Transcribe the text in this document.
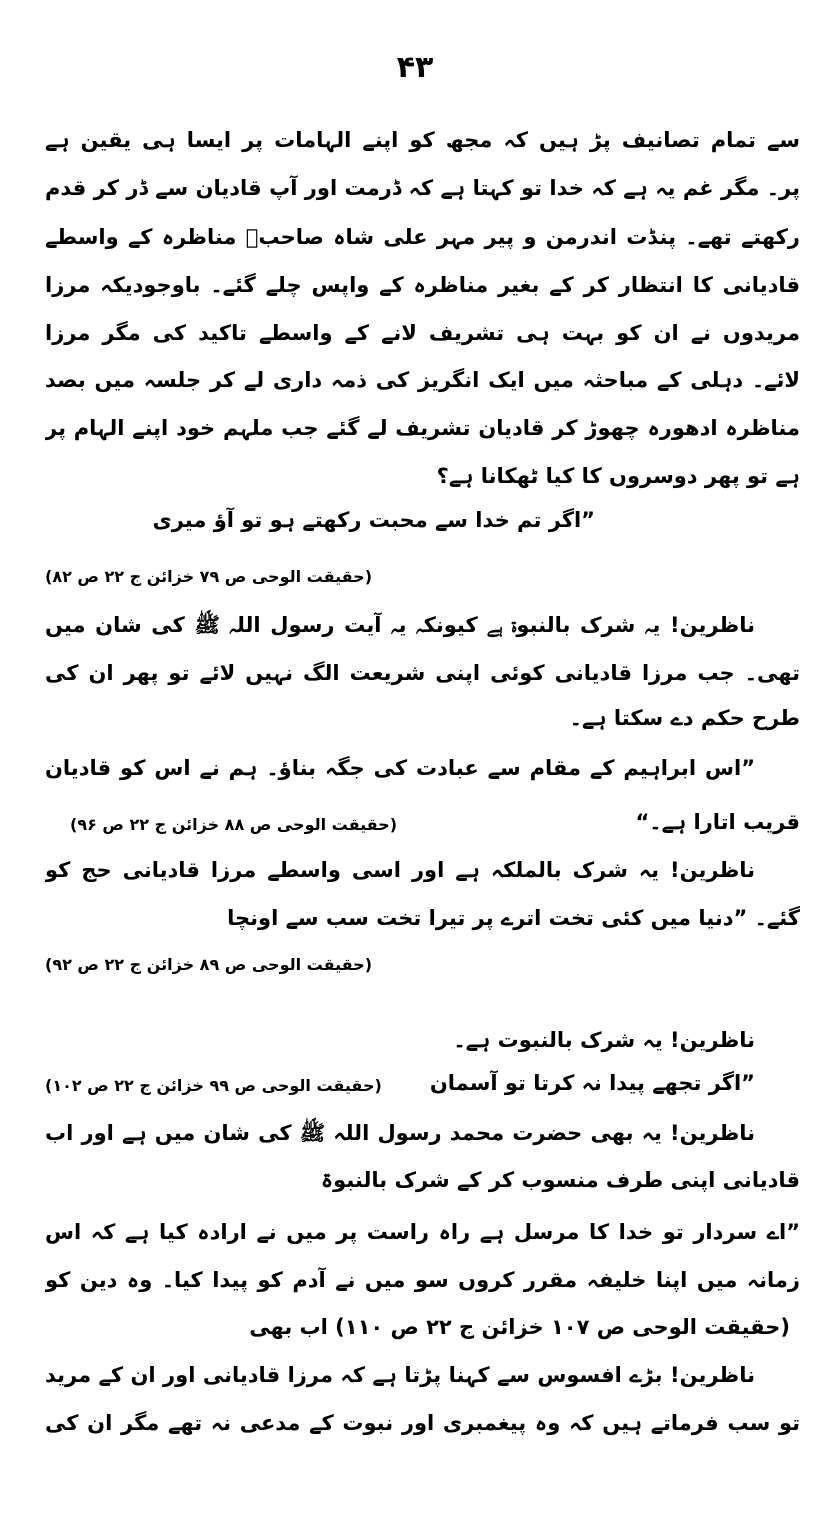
۴۳
سے تمام تصانیف پڑ ہیں کہ مجھ کو اپنے الہامات پر ایسا ہی یقین ہے
پر۔ مگر غم یہ ہے کہ خدا تو کہتا ہے کہ ڈرمت اور آپ قادیان سے ڈر کر قدم
رکھتے تھے۔ پنڈت اندرمن و پیر مہر علی شاہ صاحبؒ مناظرہ کے واسطے
قادیانی کا انتظار کر کے بغیر مناظرہ کے واپس چلے گئے۔ باوجودیکہ مرزا
مریدوں نے ان کو بہت ہی تشریف لانے کے واسطے تاکید کی مگر مرزا
لائے۔ دہلی کے مباحثہ میں ایک انگریز کی ذمہ داری لے کر جلسہ میں بصد
مناظرہ ادھورہ چھوڑ کر قادیان تشریف لے گئے جب ملہم خود اپنے الہام پر
ہے تو پھر دوسروں کا کیا ٹھکانا ہے؟
”اگر تم خدا سے محبت رکھتے ہو تو آؤ میری
(حقیقت الوحی ص ۷۹ خزائن ج ۲۲ ص ۸۲)
ناظرین! یہ شرک بالنبوۃ ہے کیونکہ یہ آیت رسول اللہ ﷺ کی شان میں
تھی۔ جب مرزا قادیانی کوئی اپنی شریعت الگ نہیں لائے تو پھر ان کی
طرح حکم دے سکتا ہے۔
”اس ابراہیم کے مقام سے عبادت کی جگہ بناؤ۔ ہم نے اس کو قادیان
قریب اتارا ہے۔“
(حقیقت الوحی ص ۸۸ خزائن ج ۲۲ ص ۹۶)
ناظرین! یہ شرک بالملکہ ہے اور اسی واسطے مرزا قادیانی حج کو
گئے۔ ”دنیا میں کئی تخت اترے پر تیرا تخت سب سے اونچا
(حقیقت الوحی ص ۸۹ خزائن ج ۲۲ ص ۹۲)
ناظرین! یہ شرک بالنبوت ہے۔
”اگر تجھے پیدا نہ کرتا تو آسمان
(حقیقت الوحی ص ۹۹ خزائن ج ۲۲ ص ۱۰۲)
ناظرین! یہ بھی حضرت محمد رسول اللہ ﷺ کی شان میں ہے اور اب
قادیانی اپنی طرف منسوب کر کے شرک بالنبوۃ
”اے سردار تو خدا کا مرسل ہے راہ راست پر میں نے ارادہ کیا ہے کہ اس
زمانہ میں اپنا خلیفہ مقرر کروں سو میں نے آدم کو پیدا کیا۔ وہ دین کو
(حقیقت الوحی ص ۱۰۷ خزائن ج ۲۲ ص ۱۱۰) اب بھی
ناظرین! بڑے افسوس سے کہنا پڑتا ہے کہ مرزا قادیانی اور ان کے مرید
تو سب فرماتے ہیں کہ وہ پیغمبری اور نبوت کے مدعی نہ تھے مگر ان کی
